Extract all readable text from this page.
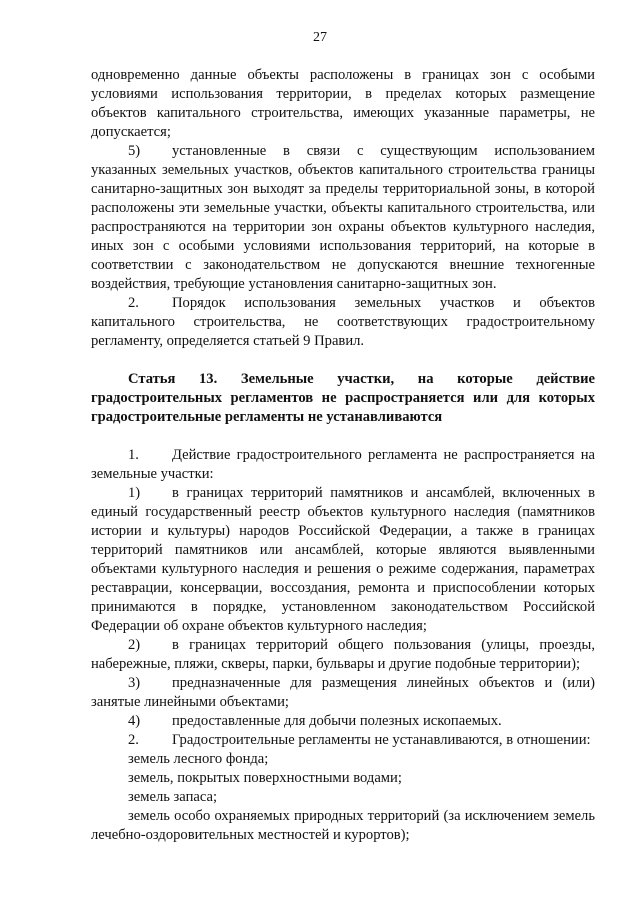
27

одновременно данные объекты расположены в границах зон с особыми условиями использования территории, в пределах которых размещение объектов капитального строительства, имеющих указанные параметры, не допускается;

5) установленные в связи с существующим использованием указанных земельных участков, объектов капитального строительства границы санитарно-защитных зон выходят за пределы территориальной зоны, в которой расположены эти земельные участки, объекты капитального строительства, или распространяются на территории зон охраны объектов культурного наследия, иных зон с особыми условиями использования территорий, на которые в соответствии с законодательством не допускаются внешние техногенные воздействия, требующие установления санитарно-защитных зон.

2. Порядок использования земельных участков и объектов капитального строительства, не соответствующих градостроительному регламенту, определяется статьей 9 Правил.

Статья 13. Земельные участки, на которые действие градостроительных регламентов не распространяется или для которых градостроительные регламенты не устанавливаются

1. Действие градостроительного регламента не распространяется на земельные участки:

1) в границах территорий памятников и ансамблей, включенных в единый государственный реестр объектов культурного наследия (памятников истории и культуры) народов Российской Федерации, а также в границах территорий памятников или ансамблей, которые являются выявленными объектами культурного наследия и решения о режиме содержания, параметрах реставрации, консервации, воссоздания, ремонта и приспособлении которых принимаются в порядке, установленном законодательством Российской Федерации об охране объектов культурного наследия;

2) в границах территорий общего пользования (улицы, проезды, набережные, пляжи, скверы, парки, бульвары и другие подобные территории);

3) предназначенные для размещения линейных объектов и (или) занятые линейными объектами;

4) предоставленные для добычи полезных ископаемых.

2. Градостроительные регламенты не устанавливаются, в отношении:

земель лесного фонда;

земель, покрытых поверхностными водами;

земель запаса;

земель особо охраняемых природных территорий (за исключением земель лечебно-оздоровительных местностей и курортов);
